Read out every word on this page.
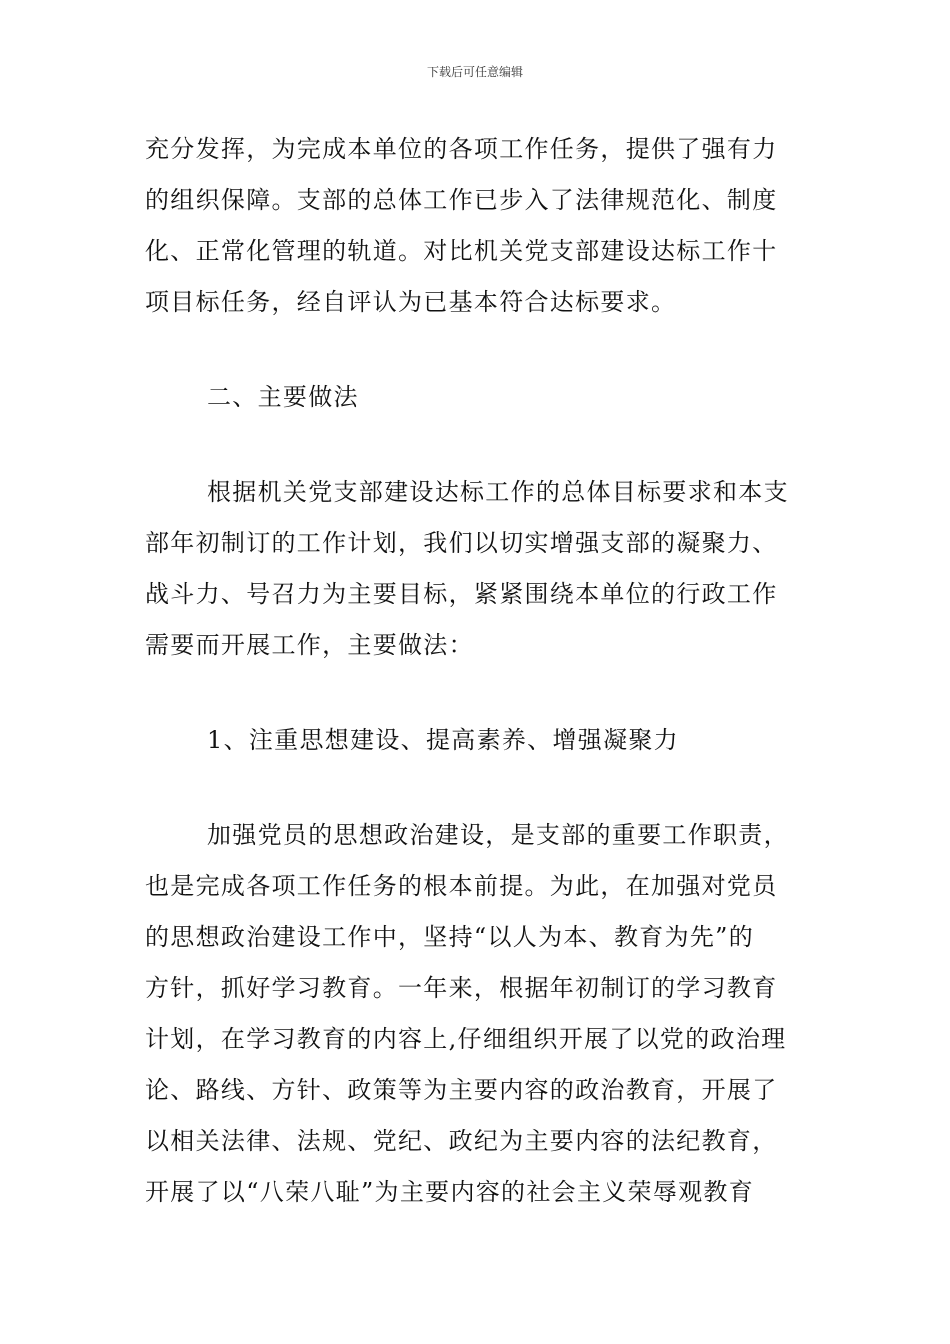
下载后可任意编辑

充分发挥，为完成本单位的各项工作任务，提供了强有力
的组织保障。支部的总体工作已步入了法律规范化、制度
化、正常化管理的轨道。对比机关党支部建设达标工作十
项目标任务，经自评认为已基本符合达标要求。

二、主要做法

根据机关党支部建设达标工作的总体目标要求和本支
部年初制订的工作计划，我们以切实增强支部的凝聚力、
战斗力、号召力为主要目标，紧紧围绕本单位的行政工作
需要而开展工作，主要做法：

1、注重思想建设、提高素养、增强凝聚力

加强党员的思想政治建设，是支部的重要工作职责，
也是完成各项工作任务的根本前提。为此，在加强对党员
的思想政治建设工作中，坚持“以人为本、教育为先”的
方针，抓好学习教育。一年来，根据年初制订的学习教育
计划，在学习教育的内容上,仔细组织开展了以党的政治理
论、路线、方针、政策等为主要内容的政治教育，开展了
以相关法律、法规、党纪、政纪为主要内容的法纪教育，
开展了以“八荣八耻”为主要内容的社会主义荣辱观教育
